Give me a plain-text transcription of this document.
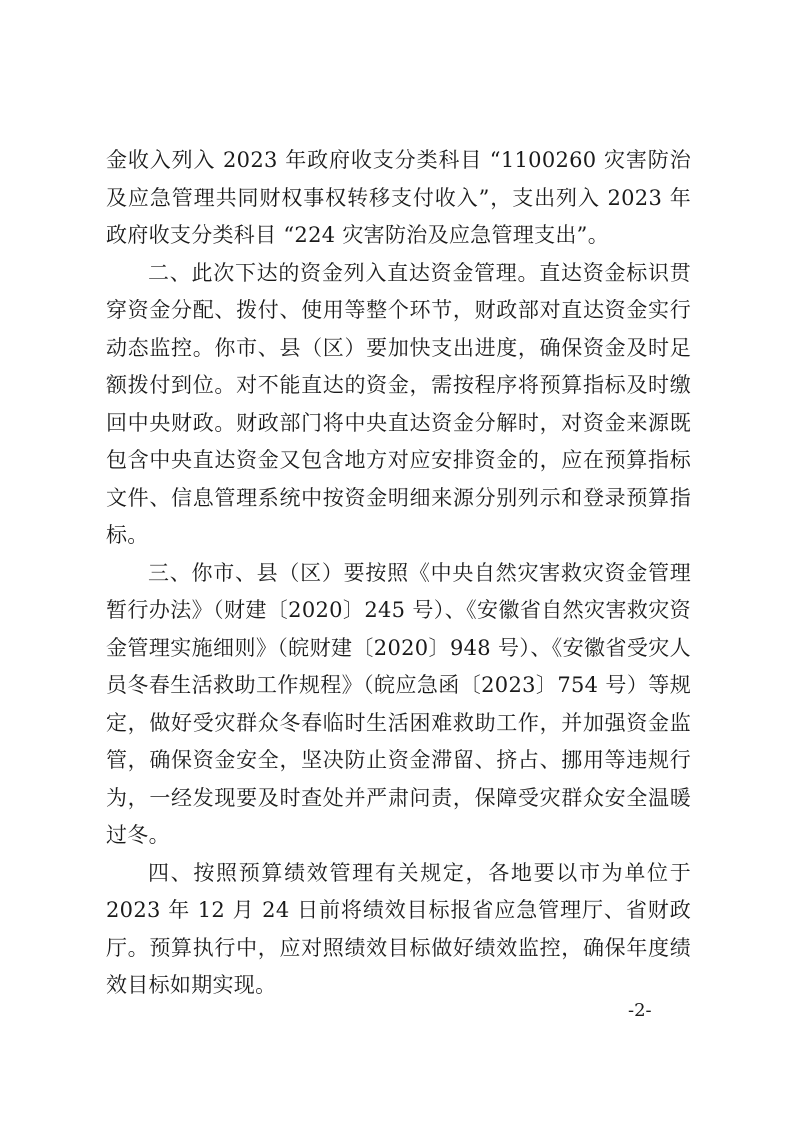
金收入列入 2023 年政府收支分类科目 “1100260 灾害防治及应急管理共同财权事权转移支付收入”，支出列入 2023 年政府收支分类科目 “224 灾害防治及应急管理支出”。

二、此次下达的资金列入直达资金管理。直达资金标识贯穿资金分配、拨付、使用等整个环节，财政部对直达资金实行动态监控。你市、县（区）要加快支出进度，确保资金及时足额拨付到位。对不能直达的资金，需按程序将预算指标及时缴回中央财政。财政部门将中央直达资金分解时，对资金来源既包含中央直达资金又包含地方对应安排资金的，应在预算指标文件、信息管理系统中按资金明细来源分别列示和登录预算指标。

三、你市、县（区）要按照《中央自然灾害救灾资金管理暂行办法》（财建〔2020〕245 号）、《安徽省自然灾害救灾资金管理实施细则》（皖财建〔2020〕948 号）、《安徽省受灾人员冬春生活救助工作规程》（皖应急函〔2023〕754 号）等规定，做好受灾群众冬春临时生活困难救助工作，并加强资金监管，确保资金安全，坚决防止资金滞留、挤占、挪用等违规行为，一经发现要及时查处并严肃问责，保障受灾群众安全温暖过冬。

四、按照预算绩效管理有关规定，各地要以市为单位于 2023 年 12 月 24 日前将绩效目标报省应急管理厅、省财政厅。预算执行中，应对照绩效目标做好绩效监控，确保年度绩效目标如期实现。

-2-
